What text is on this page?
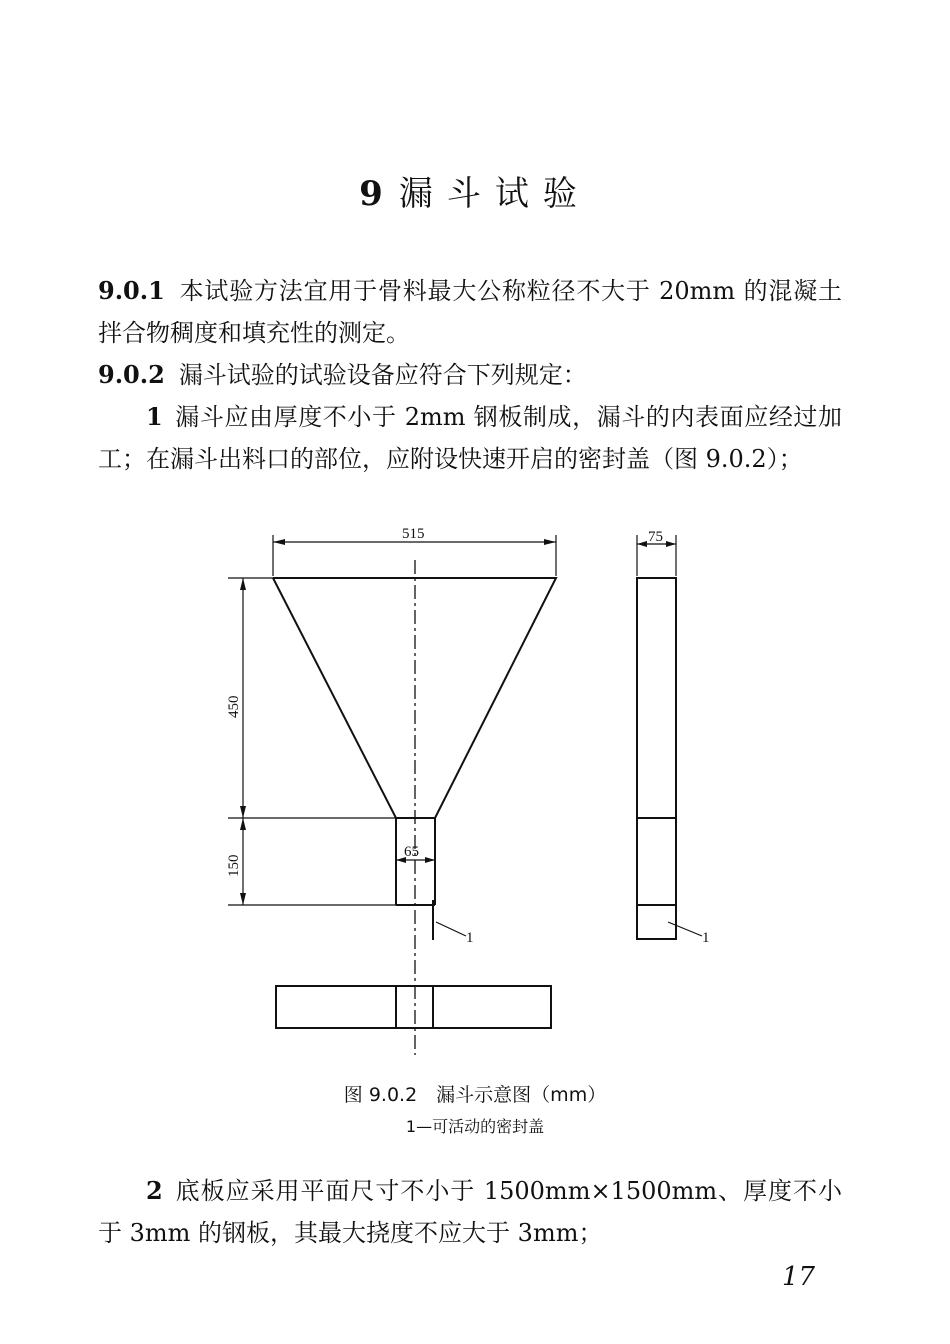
9 漏斗试验
9.0.1 本试验方法宜用于骨料最大公称粒径不大于 20mm 的混凝土拌合物稠度和填充性的测定。
9.0.2 漏斗试验的试验设备应符合下列规定：
1 漏斗应由厚度不小于 2mm 钢板制成，漏斗的内表面应经过加工；在漏斗出料口的部位，应附设快速开启的密封盖（图 9.0.2）；
1
515
450
150
65
75
1
图 9.0.2　漏斗示意图（mm）
1—可活动的密封盖
2 底板应采用平面尺寸不小于 1500mm×1500mm、厚度不小于 3mm 的钢板，其最大挠度不应大于 3mm；
17
